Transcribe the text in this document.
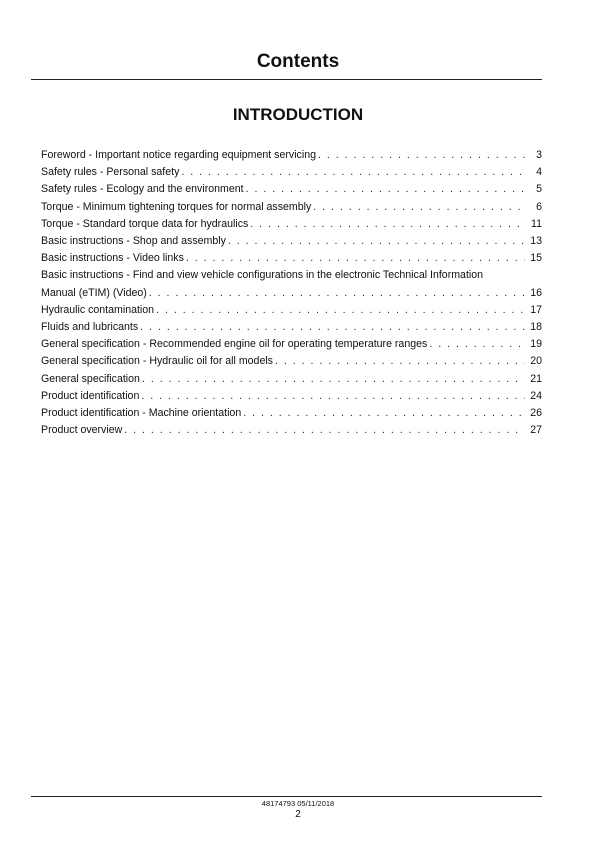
Contents
INTRODUCTION
Foreword - Important notice regarding equipment servicing . . .	3
Safety rules - Personal safety . . .	4
Safety rules - Ecology and the environment . . .	5
Torque - Minimum tightening torques for normal assembly . . .	6
Torque - Standard torque data for hydraulics . . .	11
Basic instructions - Shop and assembly . . .	13
Basic instructions - Video links . . .	15
Basic instructions - Find and view vehicle configurations in the electronic Technical Information
Manual (eTIM) (Video) . . .	16
Hydraulic contamination . . .	17
Fluids and lubricants . . .	18
General specification - Recommended engine oil for operating temperature ranges . . .	19
General specification - Hydraulic oil for all models . . .	20
General specification . . .	21
Product identification . . .	24
Product identification - Machine orientation . . .	26
Product overview . . .	27
48174793 05/11/2018
2
